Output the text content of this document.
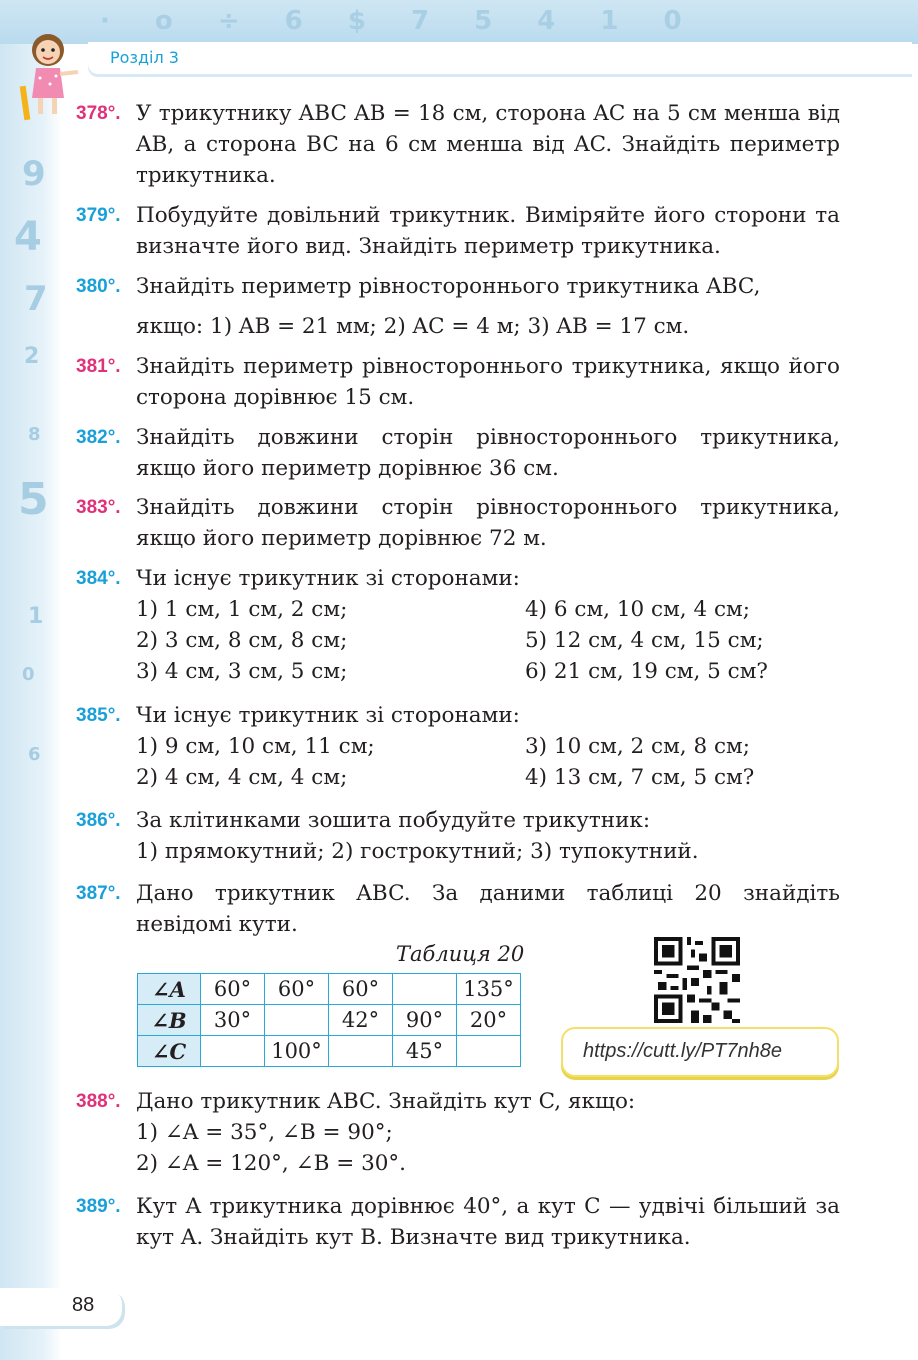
· o ÷ 6 $ 7 5 4 1 0
Розділ 3
9
4
7
2
8
5
1
0
6
378°. У трикутнику ABC AB = 18 см, сторона AC на 5 см менша від AB, а сторона BC на 6 см менша від AC. Знайдіть периметр трикутника.
379°. Побудуйте довільний трикутник. Виміряйте його сторони та визначте його вид. Знайдіть периметр трикутника.
380°. Знайдіть периметр рівностороннього трикутника ABC,
якщо: 1) AB = 21 мм; 2) AC = 4 м; 3) AB = 17 см.
381°. Знайдіть периметр рівностороннього трикутника, якщо його сторона дорівнює 15 см.
382°. Знайдіть довжини сторін рівностороннього трикутника, якщо його периметр дорівнює 36 см.
383°. Знайдіть довжини сторін рівностороннього трикутника, якщо його периметр дорівнює 72 м.
384°. Чи існує трикутник зі сторонами:
1) 1 см, 1 см, 2 см;	4) 6 см, 10 см, 4 см;
2) 3 см, 8 см, 8 см;	5) 12 см, 4 см, 15 см;
3) 4 см, 3 см, 5 см;	6) 21 см, 19 см, 5 см?
385°. Чи існує трикутник зі сторонами:
1) 9 см, 10 см, 11 см;	3) 10 см, 2 см, 8 см;
2) 4 см, 4 см, 4 см;	4) 13 см, 7 см, 5 см?
386°. За клітинками зошита побудуйте трикутник:
1) прямокутний; 2) гострокутний; 3) тупокутний.
387°. Дано трикутник ABC. За даними таблиці 20 знайдіть невідомі кути.
Таблиця 20
∠A	60°	60°	60°		135°
∠B	30°		42°	90°	20°
∠C		100°		45°		https://cutt.ly/PT7nh8e
388°. Дано трикутник ABC. Знайдіть кут C, якщо:
1) ∠A = 35°, ∠B = 90°;
2) ∠A = 120°, ∠B = 30°.
389°. Кут A трикутника дорівнює 40°, а кут C — удвічі більший за кут A. Знайдіть кут B. Визначте вид трикутника.
88
